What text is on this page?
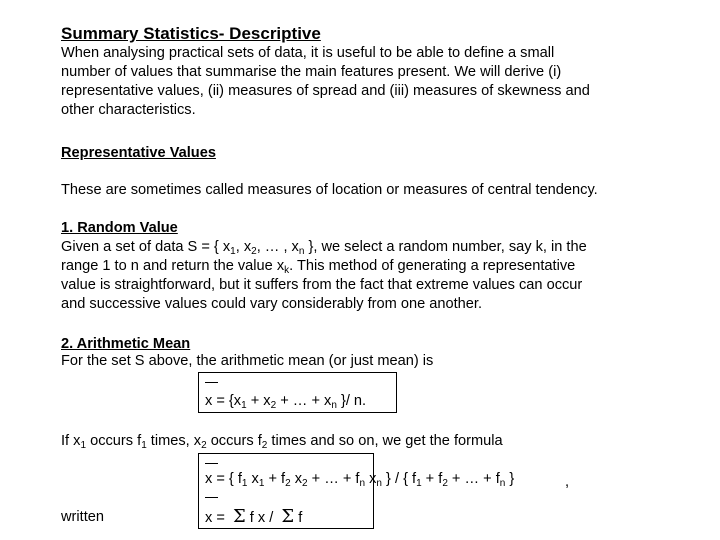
Summary Statistics- Descriptive
When analysing practical sets of data, it is useful to be able to define a small
number of values that summarise the main features present. We will derive (i)
representative values, (ii) measures of spread and (iii) measures of skewness and
other characteristics.
Representative Values
These are sometimes called measures of location or measures of central tendency.
1. Random Value
Given a set of data S = { $x_1$, $x_2$, … , $x_n$ }, we select a random number, say k, in the
range 1 to n and return the value $x_k$. This method of generating a representative
value is straightforward, but it suffers from the fact that extreme values can occur
and successive values could vary considerably from one another.
2. Arithmetic Mean
For the set S above, the arithmetic mean (or just mean) is
$x = \{x_1 + x_2$ + … + $x_n$ }/ n.
If $x_1$ occurs $f_1$ times, $x_2$ occurs $f_2$ times and so on, we get the formula
x = { $f_1$ $x_1 + f_2$ $x_2$ + … + $f_n$ $x_n$ } / { $f_1 + f_2$ + … + $f_n$ }	,
written	x = Σ f x / Σ f
